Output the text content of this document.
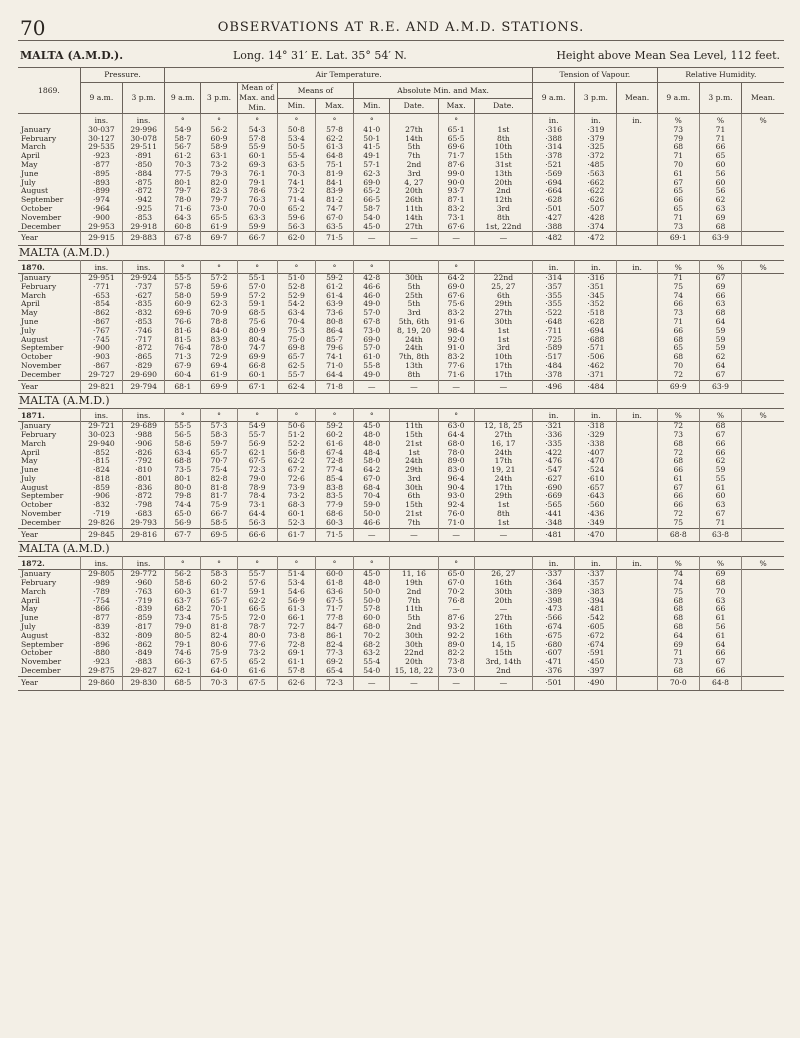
70	OBSERVATIONS AT R.E. AND A.M.D. STATIONS.
MALTA (A.M.D.).	Long. 14° 31′ E. Lat. 35° 54′ N.	Height above Mean Sea Level, 112 feet.
1869.	Pressure.		Air Temperature.									Tension of Vapour.			Relative Humidity.		
	9 a.m.	3 p.m.	9 a.m.	3 p.m.	Mean of Max. and Min.	Means of		Absolute Min. and Max.				9 a.m.	3 p.m.	Mean.	9 a.m.	3 p.m.	Mean.
						Min.	Max.	Min.	Date.	Max.	Date.						
	ins.	ins.	°	°	°	°	°	°		°		in.	in.	in.	%	%	%
January	30·037	29·996	54·9	56·2	54·3	50·8	57·8	41·0	27th	65·1	1st	·316	·319		73	71	
February	30·127	30·078	58·7	60·9	57·8	53·4	62·2	50·1	14th	65·5	8th	·388	·379		79	71	
March	29·535	29·511	56·7	58·9	55·9	50·5	61·3	41·5	5th	69·6	10th	·314	·325		68	66	
April	·923	·891	61·2	63·1	60·1	55·4	64·8	49·1	7th	71·7	15th	·378	·372		71	65	
May	·877	·850	70·3	73·2	69·3	63·5	75·1	57·1	2nd	87·6	31st	·521	·485		70	60	
June	·895	·884	77·5	79·3	76·1	70·3	81·9	62·3	3rd	99·0	13th	·569	·563		61	56	
July	·893	·875	80·1	82·0	79·1	74·1	84·1	69·0	4, 27	90·0	20th	·694	·662		67	60	
August	·899	·872	79·7	82·3	78·6	73·2	83·9	65·2	20th	93·7	2nd	·664	·622		65	56	
September	·974	·942	78·0	79·7	76·3	71·4	81·2	66·5	26th	87·1	12th	·628	·626		66	62	
October	·964	·925	71·6	73·0	70·0	65·2	74·7	58·7	11th	83·2	3rd	·501	·507		65	63	
November	·900	·853	64·3	65·5	63·3	59·6	67·0	54·0	14th	73·1	8th	·427	·428		71	69	
December	29·953	29·918	60·8	61·9	59·9	56·3	63·5	45·0	27th	67·6	1st, 22nd	·388	·374		73	68	
Year	29·915	29·883	67·8	69·7	66·7	62·0	71·5	—	—	—	—	·482	·472		69·1	63·9	
MALTA (A.M.D.)																	
1870.	ins.	ins.	°	°	°	°	°	°		°		in.	in.	in.	%	%	%
January	29·951	29·924	55·5	57·2	55·1	51·0	59·2	42·8	30th	64·2	22nd	·314	·316		71	67	
February	·771	·737	57·8	59·6	57·0	52·8	61·2	46·6	5th	69·0	25, 27	·357	·351		75	69	
March	·653	·627	58·0	59·9	57·2	52·9	61·4	46·0	25th	67·6	6th	·355	·345		74	66	
April	·854	·835	60·9	62·3	59·1	54·2	63·9	49·0	5th	75·6	29th	·355	·352		66	63	
May	·862	·832	69·6	70·9	68·5	63·4	73·6	57·0	3rd	83·2	27th	·522	·518		73	68	
June	·867	·853	76·6	78·8	75·6	70·4	80·8	67·8	5th, 6th	91·6	30th	·648	·628		71	64	
July	·767	·746	81·6	84·0	80·9	75·3	86·4	73·0	8, 19, 20	98·4	1st	·711	·694		66	59	
August	·745	·717	81·5	83·9	80·4	75·0	85·7	69·0	24th	92·0	1st	·725	·688		68	59	
September	·900	·872	76·4	78·0	74·7	69·8	79·6	57·0	24th	91·0	3rd	·589	·571		65	59	
October	·903	·865	71·3	72·9	69·9	65·7	74·1	61·0	7th, 8th	83·2	10th	·517	·506		68	62	
November	·867	·829	67·9	69·4	66·8	62·5	71·0	55·8	13th	77·6	17th	·484	·462		70	64	
December	29·727	29·690	60·4	61·9	60·1	55·7	64·4	49·0	8th	71·6	17th	·378	·371		72	67	
Year	29·821	29·794	68·1	69·9	67·1	62·4	71·8	—	—	—	—	·496	·484		69·9	63·9	
MALTA (A.M.D.)																	
1871.	ins.	ins.	°	°	°	°	°	°		°		in.	in.	in.	%	%	%
January	29·721	29·689	55·5	57·3	54·9	50·6	59·2	45·0	11th	63·0	12, 18, 25	·321	·318		72	68	
February	30·023	·988	56·5	58·3	55·7	51·2	60·2	48·0	15th	64·4	27th	·336	·329		73	67	
March	29·940	·906	58·6	59·7	56·9	52·2	61·6	48·0	21st	68·0	16, 17	·335	·338		68	66	
April	·852	·826	63·4	65·7	62·1	56·8	67·4	48·4	1st	78·0	24th	·422	·407		72	66	
May	·815	·792	68·8	70·7	67·5	62·2	72·8	58·0	24th	89·0	17th	·476	·470		68	62	
June	·824	·810	73·5	75·4	72·3	67·2	77·4	64·2	29th	83·0	19, 21	·547	·524		66	59	
July	·818	·801	80·1	82·8	79·0	72·6	85·4	67·0	3rd	96·4	24th	·627	·610		61	55	
August	·859	·836	80·0	81·8	78·9	73·9	83·8	68·4	30th	90·4	17th	·690	·657		67	61	
September	·906	·872	79·8	81·7	78·4	73·2	83·5	70·4	6th	93·0	29th	·669	·643		66	60	
October	·832	·798	74·4	75·9	73·1	68·3	77·9	59·0	15th	92·4	1st	·565	·560		66	63	
November	·719	·683	65·0	66·7	64·4	60·1	68·6	50·0	21st	76·0	8th	·441	·436		72	67	
December	29·826	29·793	56·9	58·5	56·3	52·3	60·3	46·6	7th	71·0	1st	·348	·349		75	71	
Year	29·845	29·816	67·7	69·5	66·6	61·7	71·5	—	—	—	—	·481	·470		68·8	63·8	
MALTA (A.M.D.)																	
1872.	ins.	ins.	°	°	°	°	°	°		°		in.	in.	in.	%	%	%
January	29·805	29·772	56·2	58·3	55·7	51·4	60·0	45·0	11, 16	65·0	26, 27	·337	·337		74	69	
February	·989	·960	58·6	60·2	57·6	53·4	61·8	48·0	19th	67·0	16th	·364	·357		74	68	
March	·789	·763	60·3	61·7	59·1	54·6	63·6	50·0	2nd	70·2	30th	·389	·383		75	70	
April	·754	·719	63·7	65·7	62·2	56·9	67·5	50·0	7th	76·8	20th	·398	·394		68	63	
May	·866	·839	68·2	70·1	66·5	61·3	71·7	57·8	11th	—	—	·473	·481		68	66	
June	·877	·859	73·4	75·5	72·0	66·1	77·8	60·0	5th	87·6	27th	·566	·542		68	61	
July	·839	·817	79·0	81·8	78·7	72·7	84·7	68·0	2nd	93·2	16th	·674	·605		68	56	
August	·832	·809	80·5	82·4	80·0	73·8	86·1	70·2	30th	92·2	16th	·675	·672		64	61	
September	·896	·862	79·1	80·6	77·6	72·8	82·4	68·2	30th	89·0	14, 15	·680	·674		69	64	
October	·880	·849	74·6	75·9	73·2	69·1	77·3	63·2	22nd	82·2	15th	·607	·591		71	66	
November	·923	·883	66·3	67·5	65·2	61·1	69·2	55·4	20th	73·8	3rd, 14th	·471	·450		73	67	
December	29·875	29·827	62·1	64·0	61·6	57·8	65·4	54·0	15, 18, 22	73·0	2nd	·376	·397		68	66	
Year	29·860	29·830	68·5	70·3	67·5	62·6	72·3	—	—	—	—	·501	·490		70·0	64·8	
